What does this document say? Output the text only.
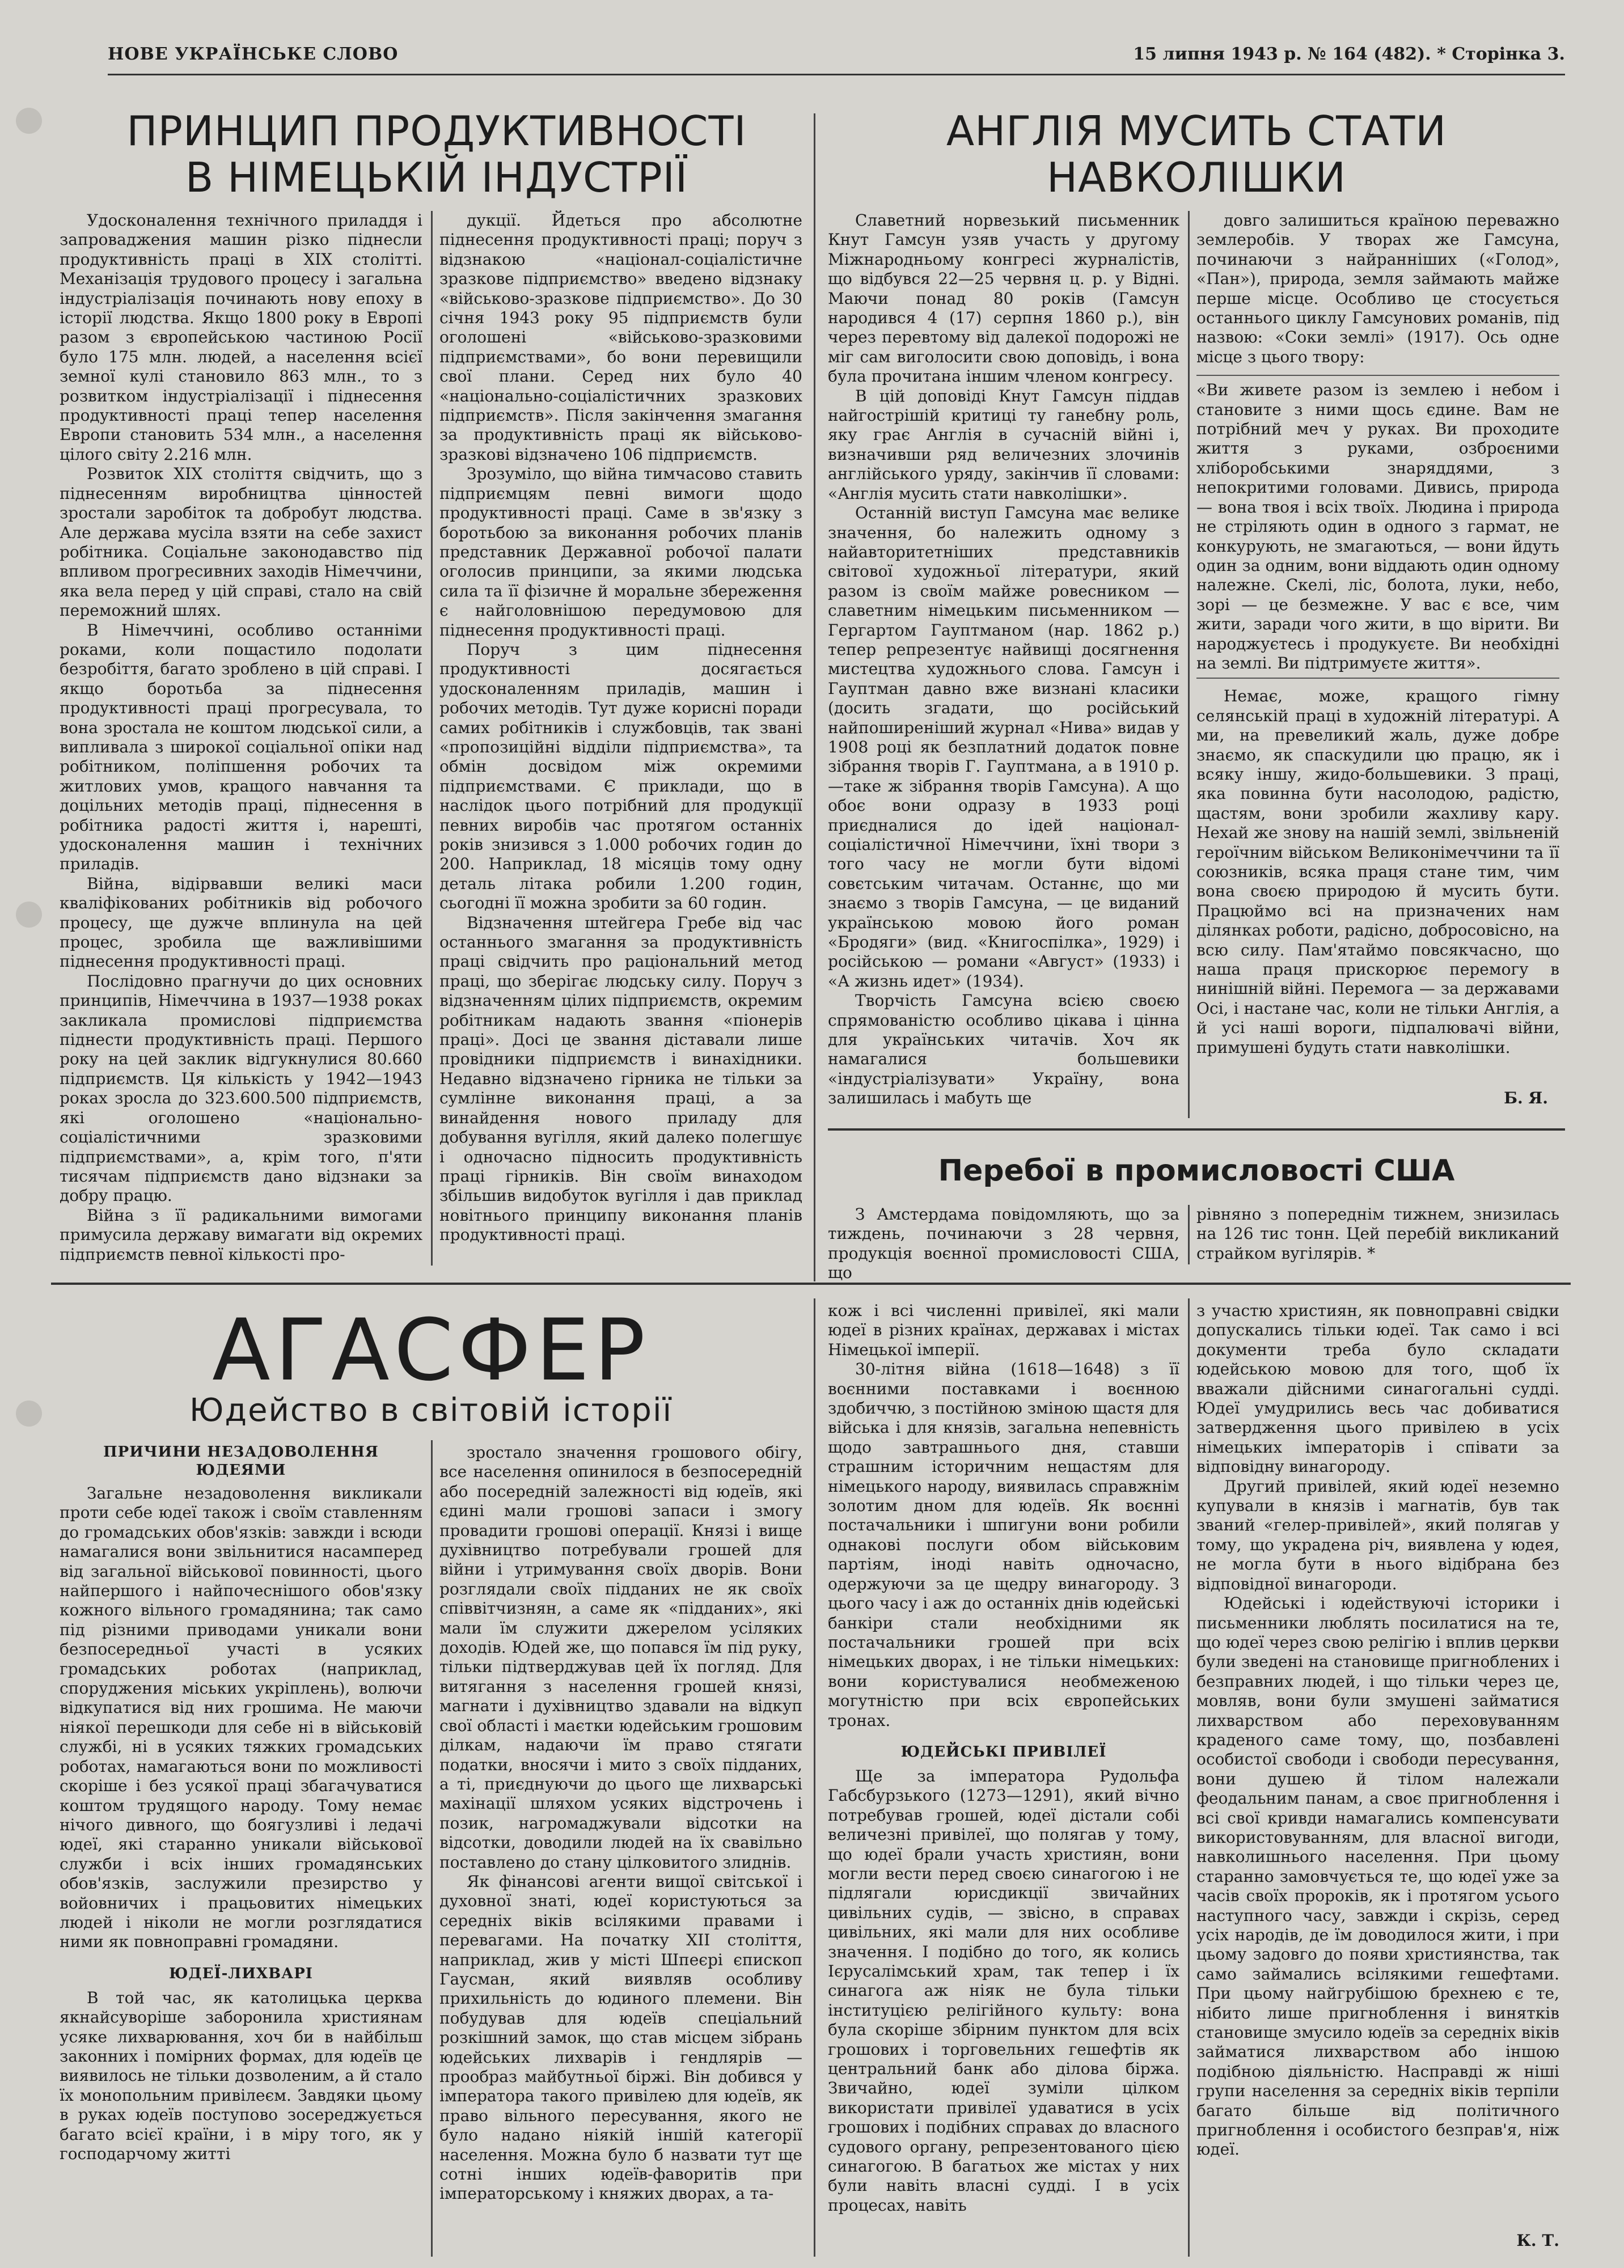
НОВЕ УКРАЇНСЬКЕ СЛОВО	15 липня 1943 р. № 164 (482). * Сторінка 3.
ПРИНЦИП ПРОДУКТИВНОСТІ
В НІМЕЦЬКІЙ ІНДУСТРІЇ

Удосконалення технічного приладдя і запроваджения машин різко піднесли продуктивність праці в XIX столітті. Механізація трудового процесу і загальна індустріалізація починають нову епоху в історії людства. Якщо 1800 року в Европі разом з європейською частиною Росії було 175 млн. людей, а населення всієї земної кулі становило 863 млн., то з розвитком індустріалізації і піднесення продуктивності праці тепер населення Европи становить 534 млн., а населення цілого світу 2.216 млн.

Розвиток XIX століття свідчить, що з піднесенням виробництва цінностей зростали заробіток та добробут людства. Але держава мусіла взяти на себе захист робітника. Соціальне законодавство під впливом прогресивних заходів Німеччини, яка вела перед у цій справі, стало на свій переможний шлях.

В Німеччині, особливо останніми роками, коли пощастило подолати безробіття, багато зроблено в цій справі. І якщо боротьба за піднесення продуктивності праці прогресувала, то вона зростала не коштом людської сили, а випливала з широкої соціальної опіки над робітником, поліпшення робочих та житлових умов, кращого навчання та доцільних методів праці, піднесення в робітника радості життя і, нарешті, удосконалення машин і технічних приладів.

Війна, відірвавши великі маси кваліфікованих робітників від робочого процесу, ще дужче вплинула на цей процес, зробила ще важливішими піднесення продуктивності праці.

Послідовно прагнучи до цих основних принципів, Німеччина в 1937—1938 роках закликала промислові підприємства піднести продуктивність праці. Першого року на цей заклик відгукнулися 80.660 підприємств. Ця кількість у 1942—1943 роках зросла до 323.600.500 підприємств, які оголошено «національно-соціалістичними зразковими підприємствами», а, крім того, п'яти тисячам підприємств дано відзнаки за добру працю.

Війна з її радикальними вимогами примусила державу вимагати від окремих підприємств певної кількості про-

дукції. Йдеться про абсолютне піднесення продуктивності праці; поруч з відзнакою «націонал-соціалістичне зразкове підприємство» введено відзнаку «військово-зразкове підприємство». До 30 січня 1943 року 95 підприємств були оголошені «військово-зразковими підприємствами», бо вони перевищили свої плани. Серед них було 40 «національно-соціалістичних зразкових підприємств». Після закінчення змагання за продуктивність праці як військово-зразкові відзначено 106 підприємств.

Зрозуміло, що війна тимчасово ставить підприємцям певні вимоги щодо продуктивності праці. Саме в зв'язку з боротьбою за виконання робочих планів представник Державної робочої палати оголосив принципи, за якими людська сила та її фізичне й моральне збереження є найголовнішою передумовою для піднесення продуктивності праці.

Поруч з цим піднесення продуктивності досягається удосконаленням приладів, машин і робочих методів. Тут дуже корисні поради самих робітників і службовців, так звані «пропозиційні відділи підприємства», та обмін досвідом між окремими підприємствами. Є приклади, що в наслідок цього потрібний для продукції певних виробів час протягом останніх років знизився з 1.000 робочих годин до 200. Наприклад, 18 місяців тому одну деталь літака робили 1.200 годин, сьогодні її можна зробити за 60 годин.

Відзначення штейгера Гребе від час останнього змагання за продуктивність праці свідчить про раціональний метод праці, що зберігає людську силу. Поруч з відзначенням цілих підприємств, окремим робітникам надають звання «піонерів праці». Досі це звання діставали лише провідники підприємств і винахідники. Недавно відзначено гірника не тільки за сумлінне виконання праці, а за винайдення нового приладу для добування вугілля, який далеко полегшує і одночасно підносить продуктивність праці гірників. Він своїм винаходом збільшив видобуток вугілля і дав приклад новітнього принципу виконання планів продуктивності праці.

АНГЛІЯ МУСИТЬ СТАТИ
НАВКОЛІШКИ

Славетний норвезький письменник Кнут Гамсун узяв участь у другому Міжнародньому конгресі журналістів, що відбувся 22—25 червня ц. р. у Відні. Маючи понад 80 років (Гамсун народився 4 (17) серпня 1860 р.), він через перевтому від далекої подорожі не міг сам виголосити свою доповідь, і вона була прочитана іншим членом конгресу.

В цій доповіді Кнут Гамсун піддав найгострішій критиці ту ганебну роль, яку грає Англія в сучасній війні і, визначивши ряд величезних злочинів англійського уряду, закінчив її словами: «Англія мусить стати навколішки».

Останній виступ Гамсуна має велике значення, бо належить одному з найавторитетніших представників світової художньої літератури, який разом із своїм майже ровесником — славетним німецьким письменником — Гергартом Гауптманом (нар. 1862 р.) тепер репрезентує найвищі досягнення мистецтва художнього слова. Гамсун і Гауптман давно вже визнані класики (досить згадати, що російський найпоширеніший журнал «Нива» видав у 1908 році як безплатний додаток повне зібрання творів Г. Гауптмана, а в 1910 р.—таке ж зібрання творів Гамсуна). А що обоє вони одразу в 1933 році приєдналися до ідей націонал-соціалістичної Німеччини, їхні твори з того часу не могли бути відомі совєтським читачам. Останнє, що ми знаємо з творів Гамсуна, — це виданий українською мовою його роман «Бродяги» (вид. «Книгоспілка», 1929) і російською — романи «Август» (1933) і «А жизнь идет» (1934).

Творчість Гамсуна всією своєю спрямованістю особливо цікава і цінна для українських читачів. Хоч як намагалися большевики «індустріалізувати» Україну, вона залишилась і мабуть ще

довго залишиться країною переважно землеробів. У творах же Гамсуна, починаючи з найранніших («Голод», «Пан»), природа, земля займають майже перше місце. Особливо це стосується останнього циклу Гамсунових романів, під назвою: «Соки землі» (1917). Ось одне місце з цього твору:

«Ви живете разом із землею і небом і становите з ними щось єдине. Вам не потрібний меч у руках. Ви проходите життя з руками, озброєними хліборобськими знаряддями, з непокритими головами. Дивись, природа — вона твоя і всіх твоїх. Людина і природа не стріляють один в одного з гармат, не конкурують, не змагаються, — вони йдуть один за одним, вони віддають один одному належне. Скелі, ліс, болота, луки, небо, зорі — це безмежне. У вас є все, чим жити, заради чого жити, в що вірити. Ви народжуєтесь і продукуєте. Ви необхідні на землі. Ви підтримуєте життя».

Немає, може, кращого гімну селянській праці в художній літературі. А ми, на превеликий жаль, дуже добре знаємо, як спаскудили цю працю, як і всяку іншу, жидо-большевики. З праці, яка повинна бути насолодою, радістю, щастям, вони зробили жахливу кару. Нехай же знову на нашій землі, звільненій героїчним військом Великонімеччини та її союзників, всяка праця стане тим, чим вона своєю природою й мусить бути. Працюймо всі на призначених нам ділянках роботи, радісно, добросовісно, на всю силу. Пам'ятаймо повсякчасно, що наша праця прискорює перемогу в нинішній війні. Перемога — за державами Осі, і настане час, коли не тільки Англія, а й усі наші вороги, підпалювачі війни, примушені будуть стати навколішки.

Б. Я.
Перебої в промисловості США

З Амстердама повідомляють, що за тиждень, починаючи з 28 червня, продукція воєнної промисловості США, що

рівняно з попереднім тижнем, знизилась на 126 тис тонн. Цей перебій викликаний страйком вугілярів. *

АГАСФЕР
Юдейство в світовій історії
ПРИЧИНИ НЕЗАДОВОЛЕННЯ ЮДЕЯМИ

Загальне незадоволення викликали проти себе юдеї також і своїм ставленням до громадських обов'язків: завжди і всюди намагалися вони звільнитися насамперед від загальної військової повинності, цього найпершого і найпочеснішого обов'язку кожного вільного громадянина; так само під різними приводами уникали вони безпосередньої участі в усяких громадських роботах (наприклад, споруджения міських укріплень), волючи відкупатися від них грошима. Не маючи ніякої перешкоди для себе ні в військовій службі, ні в усяких тяжких громадських роботах, намагаються вони по можливості скоріше і без усякої праці збагачуватися коштом трудящого народу. Тому немає нічого дивного, що боягузливі і ледачі юдеї, які старанно уникали військової служби і всіх інших громадянських обов'язків, заслужили презирство у войовничих і працьовитих німецьких людей і ніколи не могли розглядатися ними як повноправні громадяни.

ЮДЕЇ-ЛИХВАРІ

В той час, як католицька церква якнайсуворіше заборонила християнам усяке лихварювання, хоч би в найбільш законних і помірних формах, для юдеїв це виявилось не тільки дозволеним, а й стало їх монопольним привілеєм. Завдяки цьому в руках юдеїв поступово зосереджується багато всієї країни, і в міру того, як у господарчому житті

зростало значення грошового обігу, все населення опинилося в безпосередній або посередній залежності від юдеїв, які єдині мали грошові запаси і змогу провадити грошові операції. Князі і вище духівництво потребували грошей для війни і утримування своїх дворів. Вони розглядали своїх підданих не як своїх співвітчизнян, а саме як «підданих», які мали їм служити джерелом усіляких доходів. Юдей же, що попався їм під руку, тільки підтверджував цей їх погляд. Для витягання з населення грошей князі, магнати і духівництво здавали на відкуп свої області і маєтки юдейським грошовим ділкам, надаючи їм право стягати податки, вносячи і мито з своїх підданих, а ті, приєднуючи до цього ще лихварські махінації шляхом усяких відстрочень і позик, нагромаджували відсотки на відсотки, доводили людей на їх свавільно поставлено до стану цілковитого злиднів.

Як фінансові агенти вищої світської і духовної знаті, юдеї користуються за середніх віків всілякими правами і перевагами. На початку XII століття, наприклад, жив у місті Шпеєрі єпископ Гаусман, який виявляв особливу прихильність до юдиного племени. Він побудував для юдеїв спеціальний розкішний замок, що став місцем зібрань юдейських лихварів і гендлярів — прообраз майбутньої біржі. Він добився у імператора такого привілею для юдеїв, як право вільного пересування, якого не було надано ніякій іншій категорії населення. Можна було б назвати тут ще сотні інших юдеїв-фаворитів при імператорському і княжих дворах, а та-

кож і всі численні привілеї, які мали юдеї в різних країнах, державах і містах Німецької імперії.

30-літня війна (1618—1648) з її воєнними поставками і воєнною здобиччю, з постійною зміною щастя для війська і для князів, загальна непевність щодо завтрашнього дня, ставши страшним історичним нещастям для німецького народу, виявилась справжнім золотим дном для юдеїв. Як воєнні постачальники і шпигуни вони робили однакові послуги обом військовим партіям, іноді навіть одночасно, одержуючи за це щедру винагороду. З цього часу і аж до останніх днів юдейські банкіри стали необхідними як постачальники грошей при всіх німецьких дворах, і не тільки німецьких: вони користувалися необмеженою могутністю при всіх європейських тронах.

ЮДЕЙСЬКІ ПРИВІЛЕЇ

Ще за імператора Рудольфа Габсбурзького (1273—1291), який вічно потребував грошей, юдеї дістали собі величезні привілеї, що полягав у тому, що юдеї брали участь християн, вони могли вести перед своєю синагогою і не підлягали юрисдикції звичайних цивільних судів, — звісно, в справах цивільних, які мали для них особливе значення. І подібно до того, як колись Ієрусалімський храм, так тепер і їх синагога аж ніяк не була тільки інституцією релігійного культу: вона була скоріше збірним пунктом для всіх грошових і торговельних гешефтів як центральний банк або ділова біржа. Звичайно, юдеї зуміли цілком використати привілеї удаватися в усіх грошових і подібних справах до власного судового органу, репрезентованого цією синагогою. В багатьох же містах у них були навіть власні судді. І в усіх процесах, навіть

з участю християн, як повноправні свідки допускались тільки юдеї. Так само і всі документи треба було складати юдейською мовою для того, щоб їх вважали дійсними синагогальні судді. Юдеї умудрились весь час добиватися затвердження цього привілею в усіх німецьких імператорів і співати за відповідну винагороду.

Другий привілей, який юдеї неземно купували в князів і магнатів, був так званий «гелер-привілей», який полягав у тому, що украдена річ, виявлена у юдея, не могла бути в нього відібрана без відповідної винагороди.

Юдейські і юдействуючі історики і письменники люблять посилатися на те, що юдеї через свою релігію і вплив церкви були зведені на становище пригноблених і безправних людей, і що тільки через це, мовляв, вони були змушені займатися лихварством або переховуванням краденого саме тому, що, позбавлені особистої свободи і свободи пересування, вони душею й тілом належали феодальним панам, а своє пригноблення і всі свої кривди намагались компенсувати використовуванням, для власної вигоди, навколишнього населення. При цьому старанно замовчується те, що юдеї уже за часів своїх пророків, як і протягом усього наступного часу, завжди і скрізь, серед усіх народів, де їм доводилося жити, і при цьому задовго до появи християнства, так само займались всілякими гешефтами. При цьому найгрубішою брехнею є те, нібито лише пригноблення і винятків становище змусило юдеїв за середніх віків займатися лихварством або іншою подібною діяльністю. Насправді ж ніші групи населення за середніх віків терпіли багато більше від політичного пригноблення і особистого безправ'я, ніж юдеї.

К. Т.
